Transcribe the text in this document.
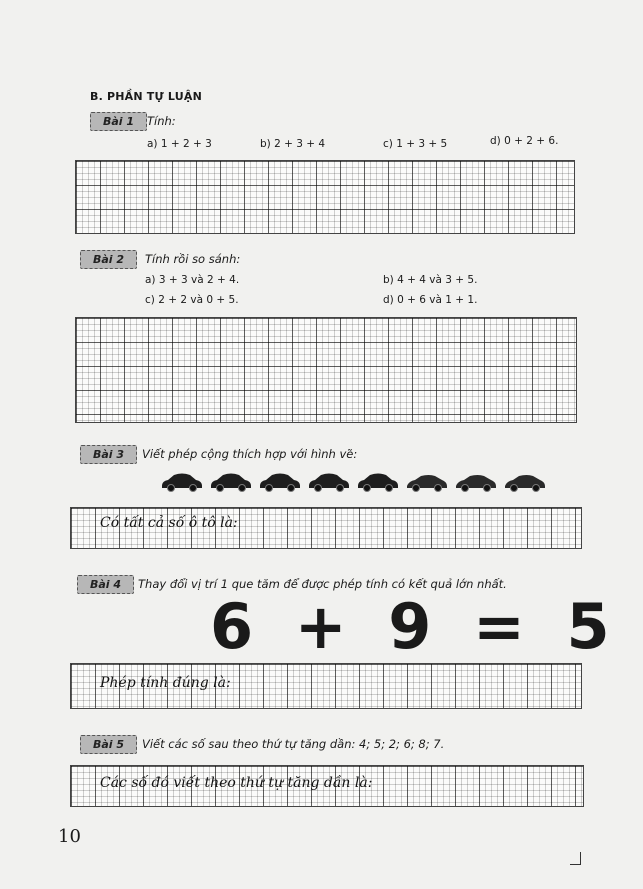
B. PHẦN TỰ LUẬN
Bài 1	Tính:
a) 1 + 2 + 3	b) 2 + 3 + 4	c) 1 + 3 + 5	d) 0 + 2 + 6.
Bài 2	Tính rồi so sánh:
a) 3 + 3 và 2 + 4.	b) 4 + 4 và 3 + 5.
c) 2 + 2 và 0 + 5.	d) 0 + 6 và 1 + 1.
Bài 3	Viết phép cộng thích hợp với hình vẽ:
Có tất cả số ô tô là:
Bài 4	Thay đổi vị trí 1 que tăm để được phép tính có kết quả lớn nhất.
6 + 9 = 5
Phép tính đúng là:
Bài 5	Viết các số sau theo thứ tự tăng dần: 4; 5; 2; 6; 8; 7.
Các số đó viết theo thứ tự tăng dần là:
10
